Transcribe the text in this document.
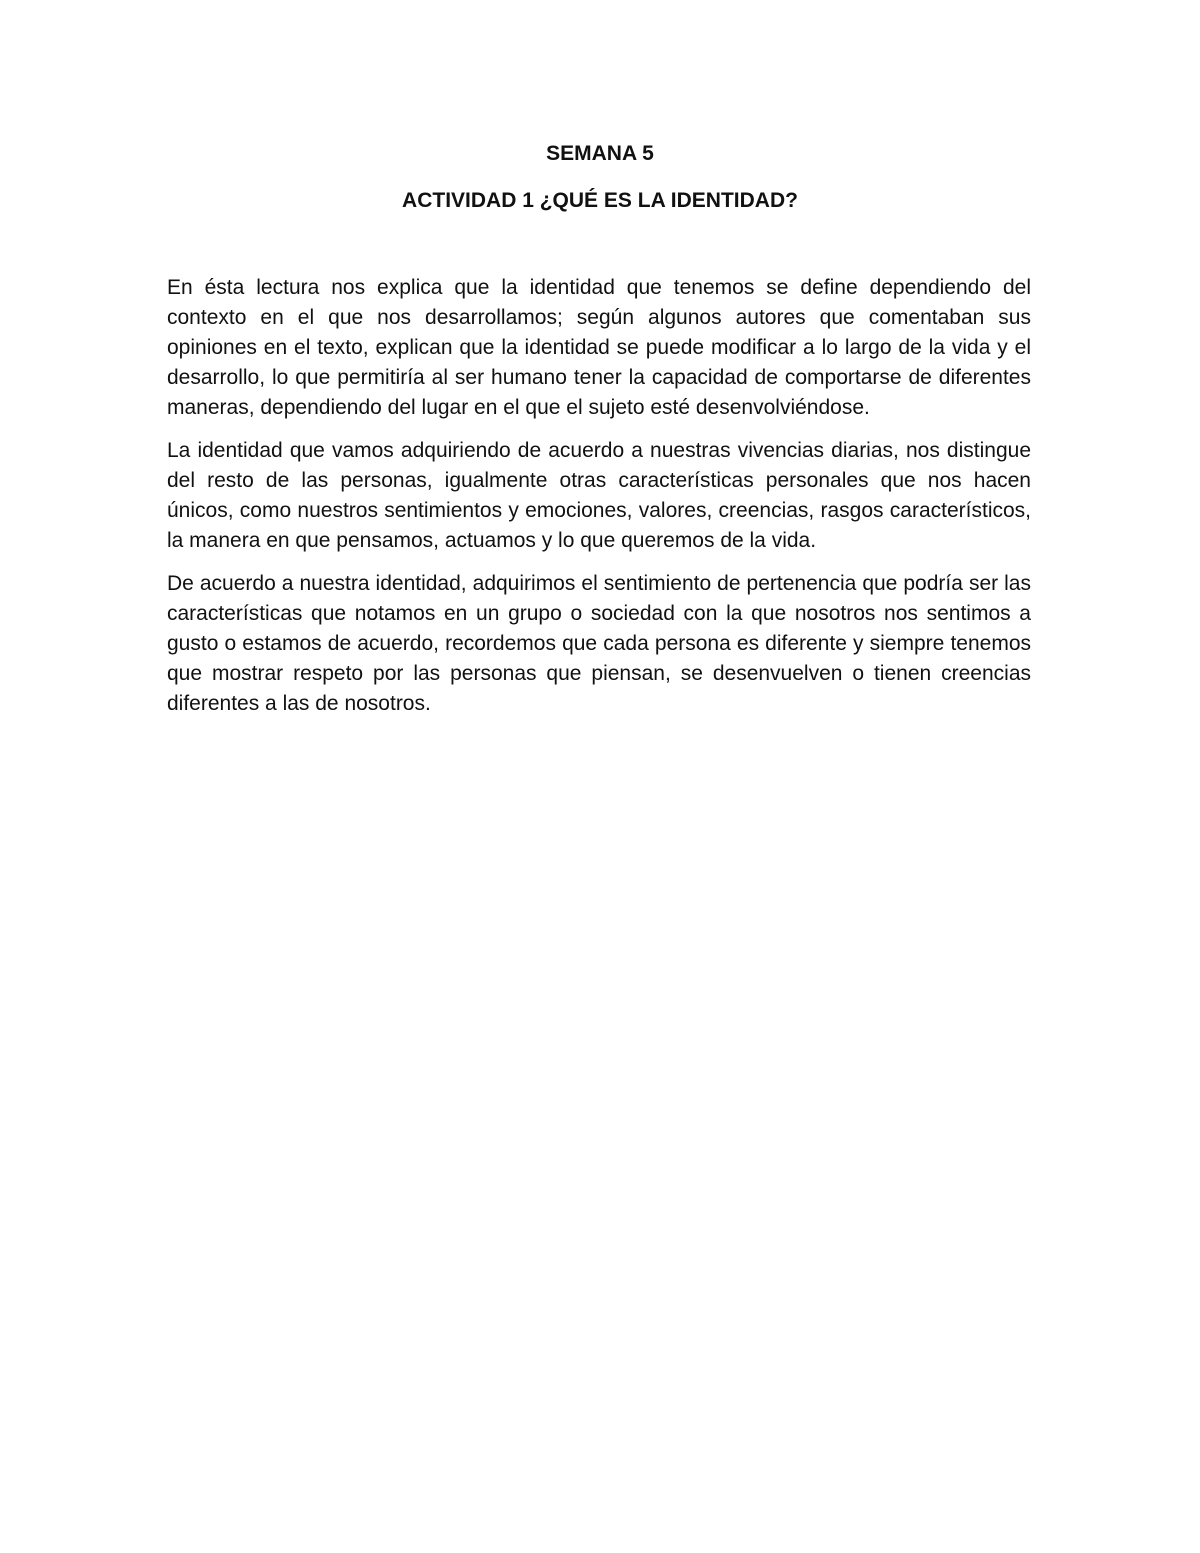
SEMANA 5
ACTIVIDAD 1 ¿QUÉ ES LA IDENTIDAD?

En ésta lectura nos explica que la identidad que tenemos se define dependiendo del contexto en el que nos desarrollamos; según algunos autores que comentaban sus opiniones en el texto, explican que la identidad se puede modificar a lo largo de la vida y el desarrollo, lo que permitiría al ser humano tener la capacidad de comportarse de diferentes maneras, dependiendo del lugar en el que el sujeto esté desenvolviéndose.

La identidad que vamos adquiriendo de acuerdo a nuestras vivencias diarias, nos distingue del resto de las personas, igualmente otras características personales que nos hacen únicos, como nuestros sentimientos y emociones, valores, creencias, rasgos característicos, la manera en que pensamos, actuamos y lo que queremos de la vida.

De acuerdo a nuestra identidad, adquirimos el sentimiento de pertenencia que podría ser las características que notamos en un grupo o sociedad con la que nosotros nos sentimos a gusto o estamos de acuerdo, recordemos que cada persona es diferente y siempre tenemos que mostrar respeto por las personas que piensan, se desenvuelven o tienen creencias diferentes a las de nosotros.
